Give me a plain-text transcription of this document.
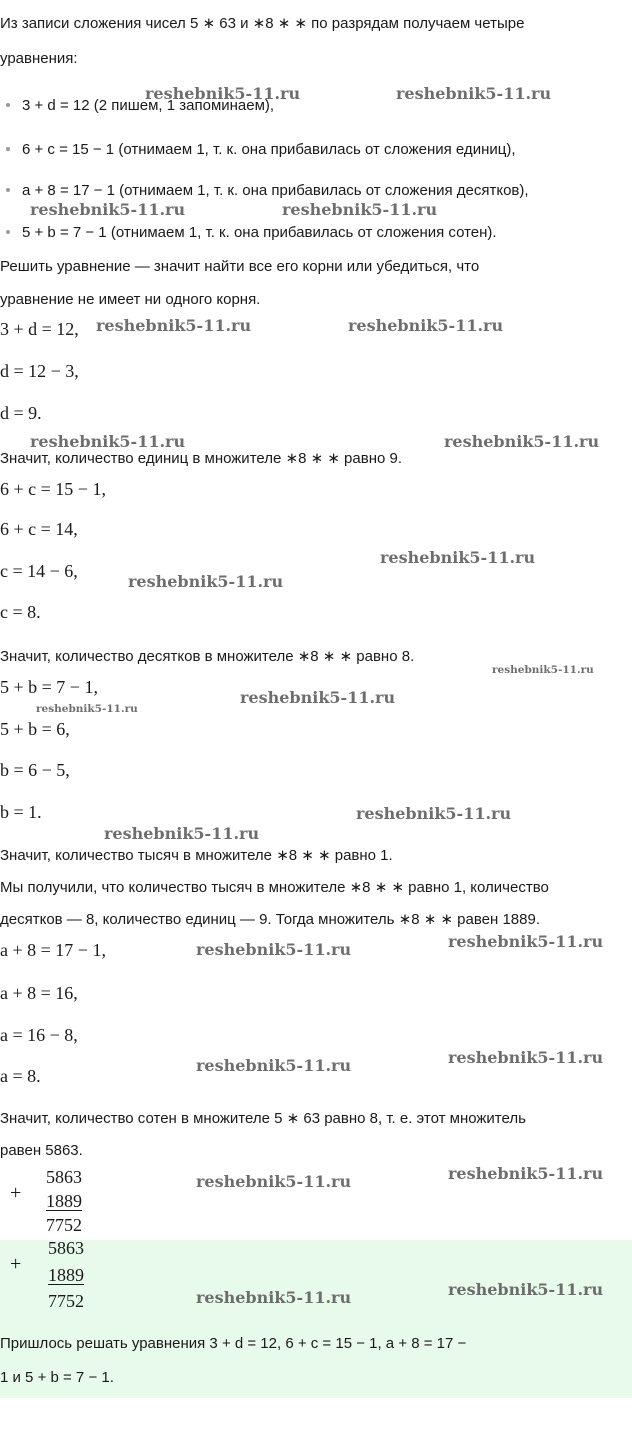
Из записи сложения чисел 5 ∗ 63 и ∗8 ∗ ∗ по разрядам получаем четыре
уравнения:
3 + d = 12 (2 пишем, 1 запоминаем),
6 + c = 15 − 1 (отнимаем 1, т. к. она прибавилась от сложения единиц),
a + 8 = 17 − 1 (отнимаем 1, т. к. она прибавилась от сложения десятков),
5 + b = 7 − 1 (отнимаем 1, т. к. она прибавилась от сложения сотен).
Решить уравнение — значит найти все его корни или убедиться, что
уравнение не имеет ни одного корня.
3 + d = 12,
d = 12 − 3,
d = 9.
Значит, количество единиц в множителе ∗8 ∗ ∗ равно 9.
6 + c = 15 − 1,
6 + c = 14,
c = 14 − 6,
c = 8.
Значит, количество десятков в множителе ∗8 ∗ ∗ равно 8.
5 + b = 7 − 1,
5 + b = 6,
b = 6 − 5,
b = 1.
Значит, количество тысяч в множителе ∗8 ∗ ∗ равно 1.
Мы получили, что количество тысяч в множителе ∗8 ∗ ∗ равно 1, количество
десятков — 8, количество единиц — 9. Тогда множитель ∗8 ∗ ∗ равен 1889.
a + 8 = 17 − 1,
a + 8 = 16,
a = 16 − 8,
a = 8.
Значит, количество сотен в множителе 5 ∗ 63 равно 8, т. е. этот множитель
равен 5863.
+
5863
1889
7752
+
5863
1889
7752
Пришлось решать уравнения 3 + d = 12, 6 + c = 15 − 1, a + 8 = 17 −
1 и 5 + b = 7 − 1.
reshebnik5-11.ru	reshebnik5-11.ru
reshebnik5-11.ru	reshebnik5-11.ru
reshebnik5-11.ru	reshebnik5-11.ru
reshebnik5-11.ru	reshebnik5-11.ru
reshebnik5-11.ru
reshebnik5-11.ru
reshebnik5-11.ru
reshebnik5-11.ru
reshebnik5-11.ru
reshebnik5-11.ru
reshebnik5-11.ru
reshebnik5-11.ru
reshebnik5-11.ru
reshebnik5-11.ru
reshebnik5-11.ru
reshebnik5-11.ru
reshebnik5-11.ru
reshebnik5-11.ru
reshebnik5-11.ru
